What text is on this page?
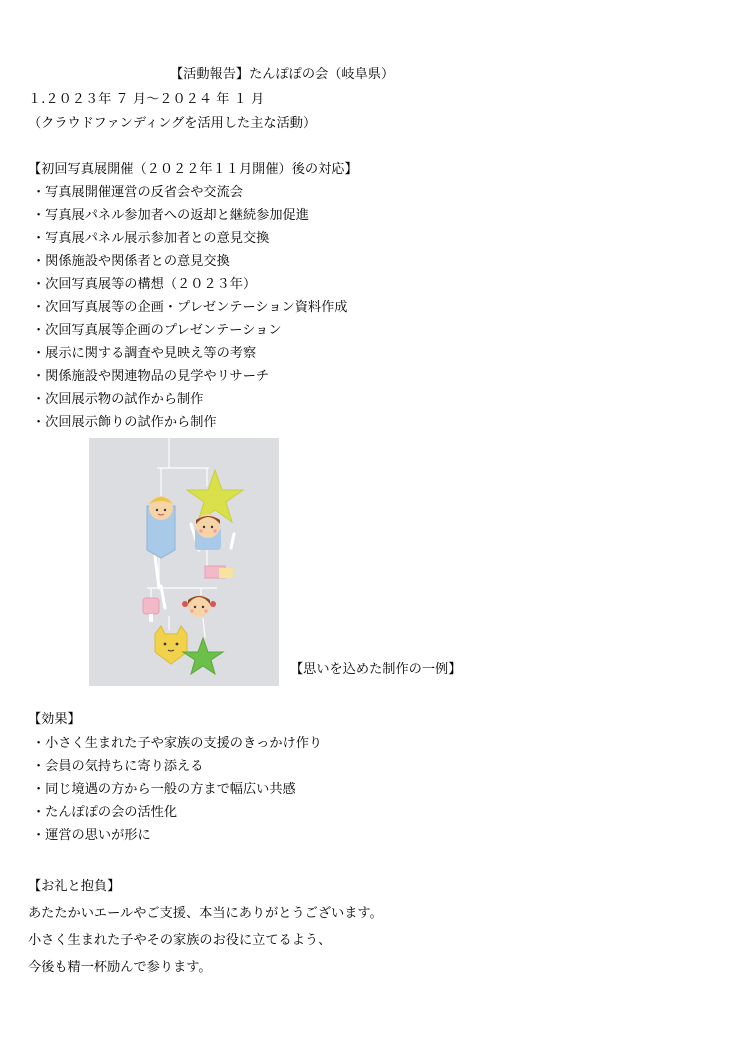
【活動報告】たんぽぽの会（岐阜県）
１.２０２３年 ７ 月～２０２４ 年 １ 月
（クラウドファンディングを活用した主な活動）
【初回写真展開催（２０２２年１１月開催）後の対応】
・写真展開催運営の反省会や交流会
・写真展パネル参加者への返却と継続参加促進
・写真展パネル展示参加者との意見交換
・関係施設や関係者との意見交換
・次回写真展等の構想（２０２３年）
・次回写真展等の企画・プレゼンテーション資料作成
・次回写真展等企画のプレゼンテーション
・展示に関する調査や見映え等の考察
・関係施設や関連物品の見学やリサーチ
・次回展示物の試作から制作
・次回展示飾りの試作から制作
【思いを込めた制作の一例】
【効果】
・小さく生まれた子や家族の支援のきっかけ作り
・会員の気持ちに寄り添える
・同じ境遇の方から一般の方まで幅広い共感
・たんぽぽの会の活性化
・運営の思いが形に
【お礼と抱負】
あたたかいエールやご支援、本当にありがとうございます。
小さく生まれた子やその家族のお役に立てるよう、
今後も精一杯励んで参ります。
